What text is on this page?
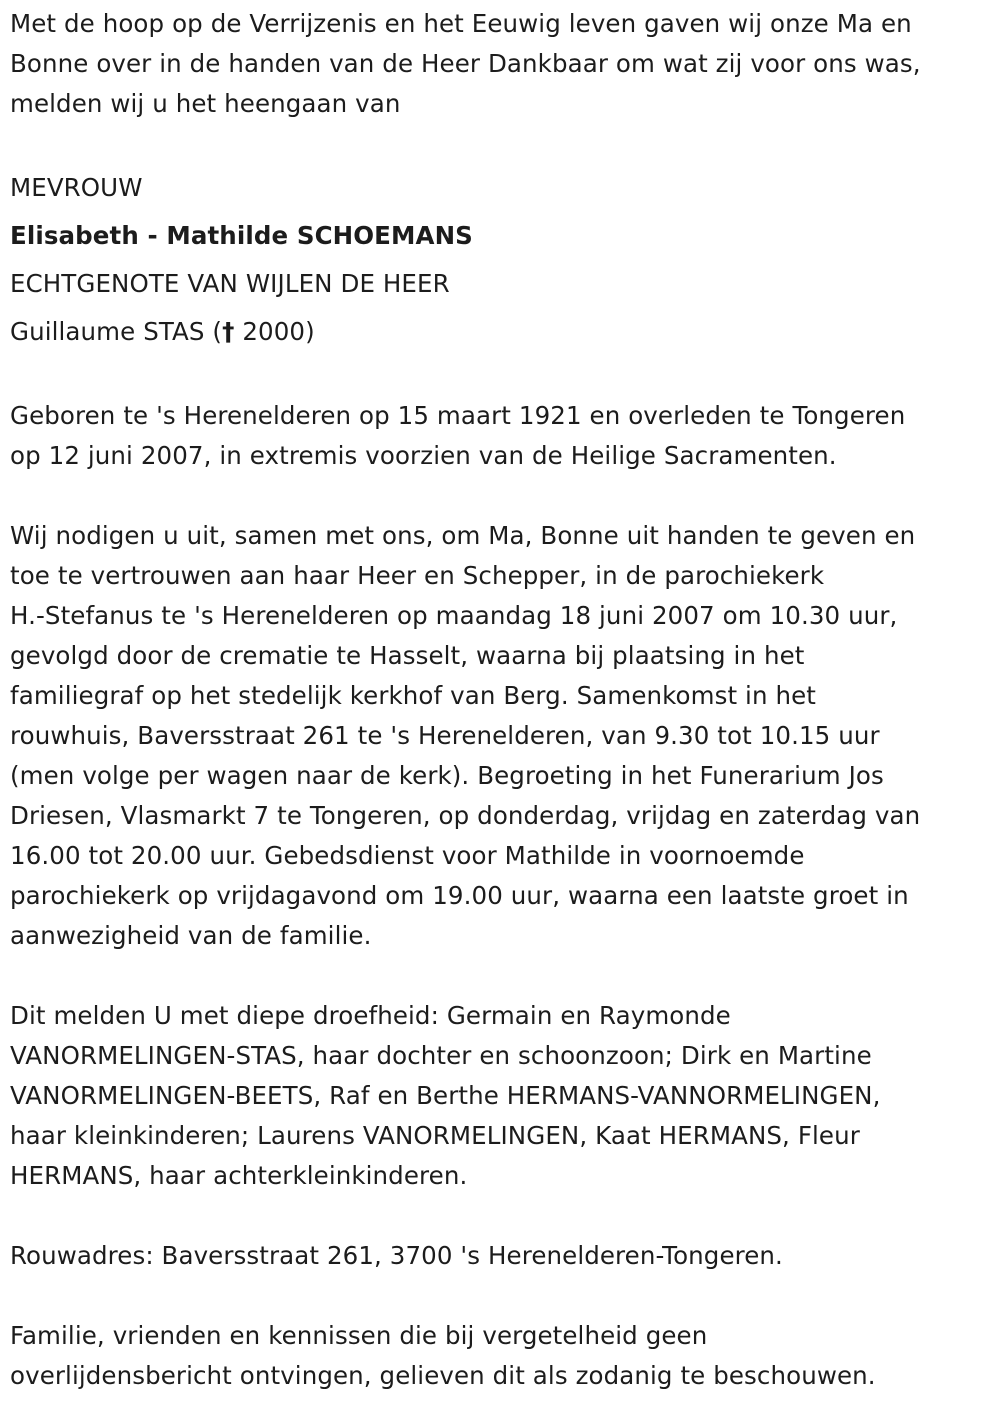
Met de hoop op de Verrijzenis en het Eeuwig leven gaven wij onze Ma en
Bonne over in de handen van de Heer Dankbaar om wat zij voor ons was,
melden wij u het heengaan van

MEVROUW
Elisabeth - Mathilde SCHOEMANS
ECHTGENOTE VAN WIJLEN DE HEER
Guillaume STAS († 2000)

Geboren te 's Herenelderen op 15 maart 1921 en overleden te Tongeren
op 12 juni 2007, in extremis voorzien van de Heilige Sacramenten.

Wij nodigen u uit, samen met ons, om Ma, Bonne uit handen te geven en
toe te vertrouwen aan haar Heer en Schepper, in de parochiekerk
H.-Stefanus te 's Herenelderen op maandag 18 juni 2007 om 10.30 uur,
gevolgd door de crematie te Hasselt, waarna bij plaatsing in het
familiegraf op het stedelijk kerkhof van Berg. Samenkomst in het
rouwhuis, Baversstraat 261 te 's Herenelderen, van 9.30 tot 10.15 uur
(men volge per wagen naar de kerk). Begroeting in het Funerarium Jos
Driesen, Vlasmarkt 7 te Tongeren, op donderdag, vrijdag en zaterdag van
16.00 tot 20.00 uur. Gebedsdienst voor Mathilde in voornoemde
parochiekerk op vrijdagavond om 19.00 uur, waarna een laatste groet in
aanwezigheid van de familie.

Dit melden U met diepe droefheid: Germain en Raymonde
VANORMELINGEN-STAS, haar dochter en schoonzoon; Dirk en Martine
VANORMELINGEN-BEETS, Raf en Berthe HERMANS-VANNORMELINGEN,
haar kleinkinderen; Laurens VANORMELINGEN, Kaat HERMANS, Fleur
HERMANS, haar achterkleinkinderen.

Rouwadres: Baversstraat 261, 3700 's Herenelderen-Tongeren.

Familie, vrienden en kennissen die bij vergetelheid geen
overlijdensbericht ontvingen, gelieven dit als zodanig te beschouwen.
